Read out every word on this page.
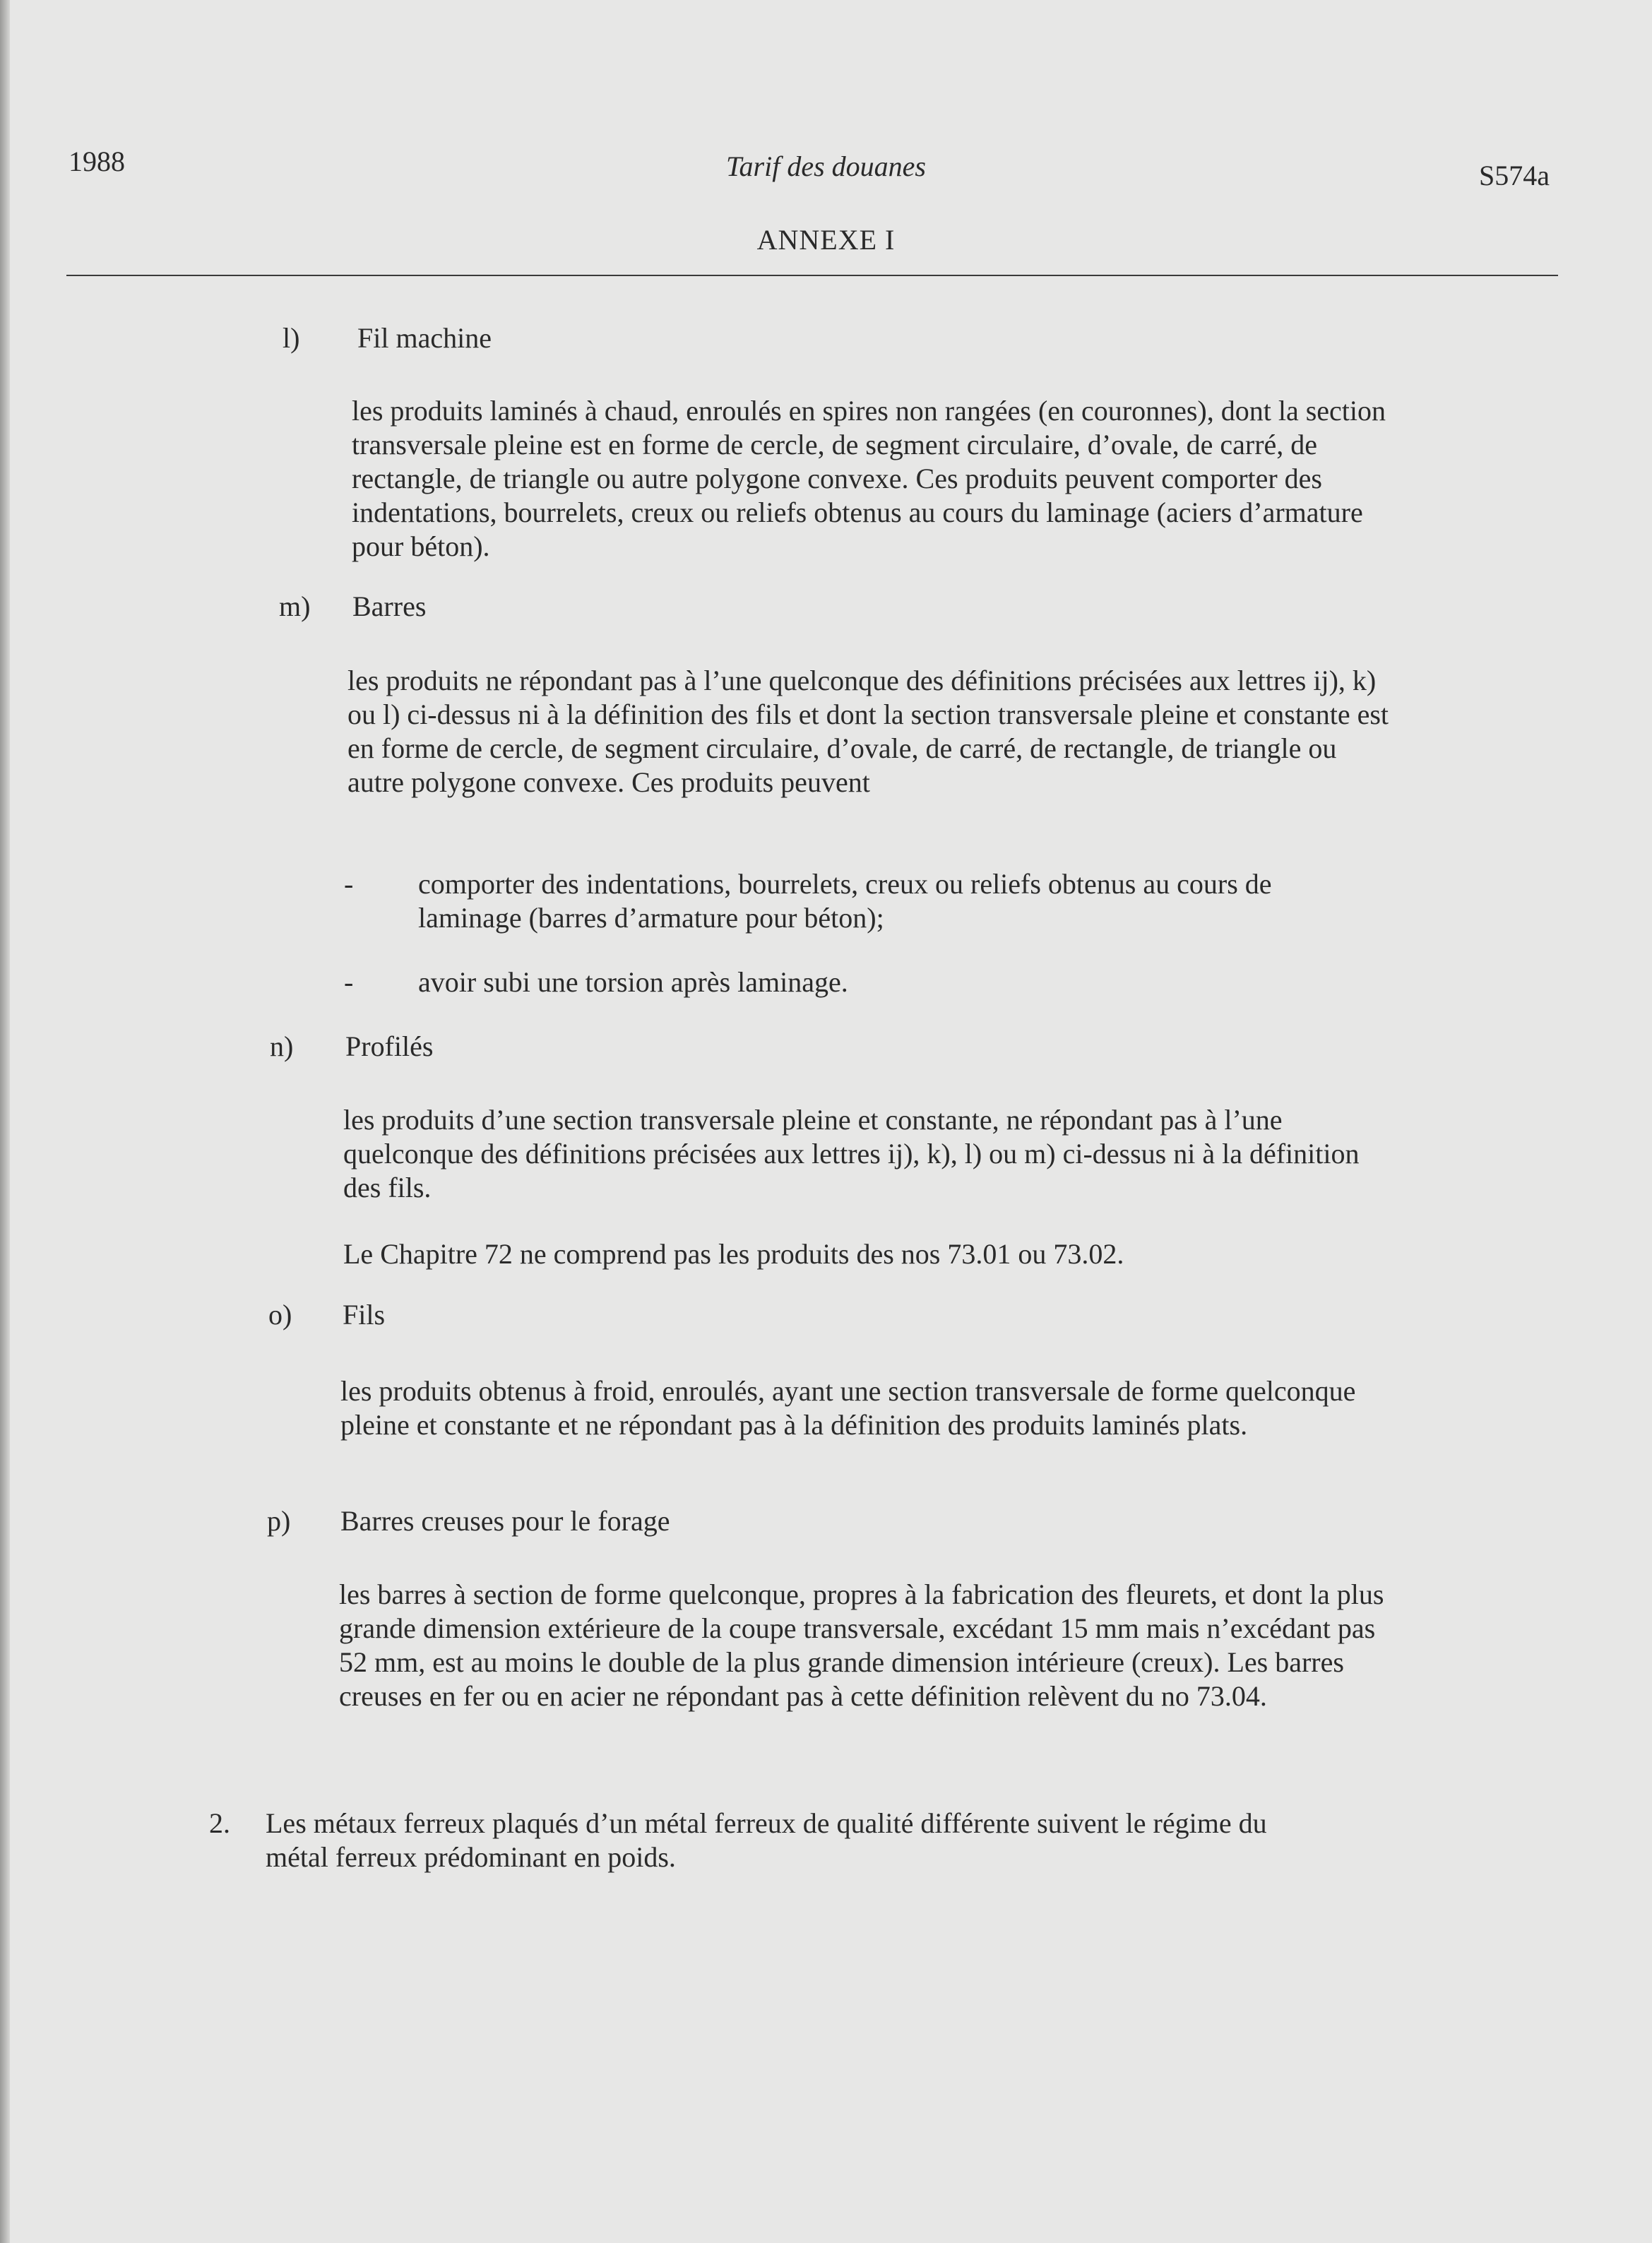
1988	Tarif des douanes	S574a
ANNEXE I
l) Fil machine

les produits laminés à chaud, enroulés en spires non rangées (en couronnes), dont la section transversale pleine est en forme de cercle, de segment circulaire, d’ovale, de carré, de rectangle, de triangle ou autre polygone convexe. Ces produits peuvent comporter des indentations, bourrelets, creux ou reliefs obtenus au cours du laminage (aciers d’armature pour béton).

m) Barres

les produits ne répondant pas à l’une quelconque des définitions précisées aux lettres ij), k) ou l) ci-dessus ni à la définition des fils et dont la section transversale pleine et constante est en forme de cercle, de segment circulaire, d’ovale, de carré, de rectangle, de triangle ou autre polygone convexe. Ces produits peuvent

- comporter des indentations, bourrelets, creux ou reliefs obtenus au cours de laminage (barres d’armature pour béton);

- avoir subi une torsion après laminage.

n) Profilés

les produits d’une section transversale pleine et constante, ne répondant pas à l’une quelconque des définitions précisées aux lettres ij), k), l) ou m) ci-dessus ni à la définition des fils.

Le Chapitre 72 ne comprend pas les produits des nos 73.01 ou 73.02.

o) Fils

les produits obtenus à froid, enroulés, ayant une section transversale de forme quelconque pleine et constante et ne répondant pas à la définition des produits laminés plats.

p) Barres creuses pour le forage

les barres à section de forme quelconque, propres à la fabrication des fleurets, et dont la plus grande dimension extérieure de la coupe transversale, excédant 15 mm mais n’excédant pas 52 mm, est au moins le double de la plus grande dimension intérieure (creux). Les barres creuses en fer ou en acier ne répondant pas à cette définition relèvent du no 73.04.

2. Les métaux ferreux plaqués d’un métal ferreux de qualité différente suivent le régime du métal ferreux prédominant en poids.
